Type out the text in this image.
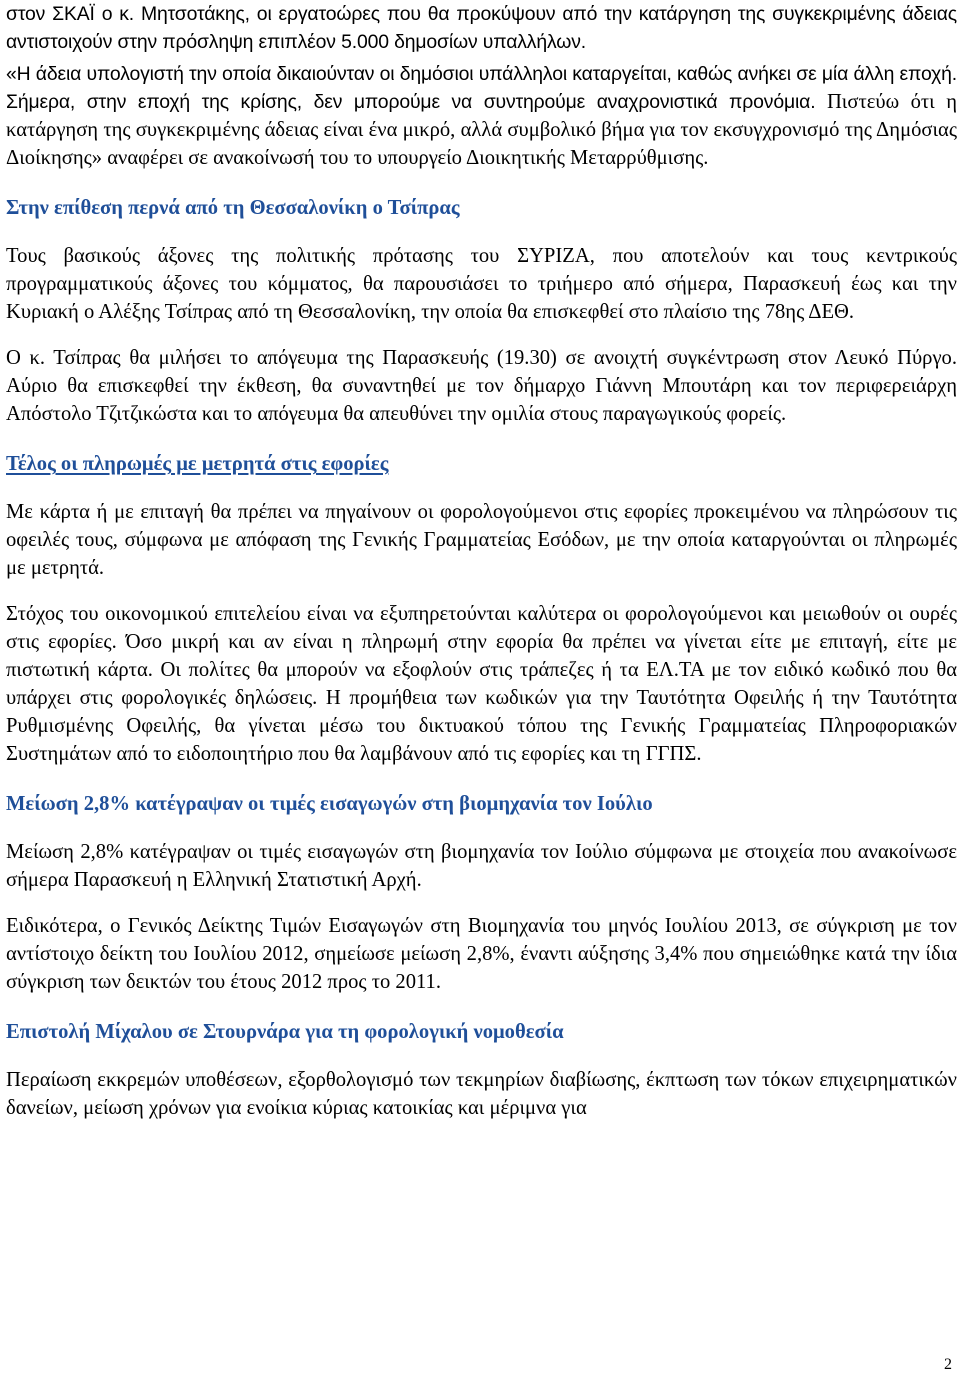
στον ΣΚΑΪ ο κ. Μητσοτάκης, οι εργατοώρες που θα προκύψουν από την κατάργηση της συγκεκριμένης άδειας αντιστοιχούν στην πρόσληψη επιπλέον 5.000 δημοσίων υπαλλήλων.

«Η άδεια υπολογιστή την οποία δικαιούνταν οι δημόσιοι υπάλληλοι καταργείται, καθώς ανήκει σε μία άλλη εποχή. Σήμερα, στην εποχή της κρίσης, δεν μπορούμε να συντηρούμε αναχρονιστικά προνόμια. Πιστεύω ότι η κατάργηση της συγκεκριμένης άδειας είναι ένα μικρό, αλλά συμβολικό βήμα για τον εκσυγχρονισμό της Δημόσιας Διοίκησης» αναφέρει σε ανακοίνωσή του το υπουργείο Διοικητικής Μεταρρύθμισης.

Στην επίθεση περνά από τη Θεσσαλονίκη ο Τσίπρας

Τους βασικούς άξονες της πολιτικής πρότασης του ΣΥΡΙΖΑ, που αποτελούν και τους κεντρικούς προγραμματικούς άξονες του κόμματος, θα παρουσιάσει το τριήμερο από σήμερα, Παρασκευή έως και την Κυριακή ο Αλέξης Τσίπρας από τη Θεσσαλονίκη, την οποία θα επισκεφθεί στο πλαίσιο της 78ης ΔΕΘ.

Ο κ. Τσίπρας θα μιλήσει το απόγευμα της Παρασκευής (19.30) σε ανοιχτή συγκέντρωση στον Λευκό Πύργο. Αύριο θα επισκεφθεί την έκθεση, θα συναντηθεί με τον δήμαρχο Γιάννη Μπουτάρη και τον περιφερειάρχη Απόστολο Τζιτζικώστα και το απόγευμα θα απευθύνει την ομιλία στους παραγωγικούς φορείς.

Τέλος οι πληρωμές με μετρητά στις εφορίες

Με κάρτα ή με επιταγή θα πρέπει να πηγαίνουν οι φορολογούμενοι στις εφορίες προκειμένου να πληρώσουν τις οφειλές τους, σύμφωνα με απόφαση της Γενικής Γραμματείας Εσόδων, με την οποία καταργούνται οι πληρωμές με μετρητά.

Στόχος του οικονομικού επιτελείου είναι να εξυπηρετούνται καλύτερα οι φορολογούμενοι και μειωθούν οι ουρές στις εφορίες. Όσο μικρή και αν είναι η πληρωμή στην εφορία θα πρέπει να γίνεται είτε με επιταγή, είτε με πιστωτική κάρτα. Οι πολίτες θα μπορούν να εξοφλούν στις τράπεζες ή τα ΕΛ.ΤΑ με τον ειδικό κωδικό που θα υπάρχει στις φορολογικές δηλώσεις. Η προμήθεια των κωδικών για την Ταυτότητα Οφειλής ή την Ταυτότητα Ρυθμισμένης Οφειλής, θα γίνεται μέσω του δικτυακού τόπου της Γενικής Γραμματείας Πληροφοριακών Συστημάτων από το ειδοποιητήριο που θα λαμβάνουν από τις εφορίες και τη ΓΓΠΣ.

Μείωση 2,8% κατέγραψαν οι τιμές εισαγωγών στη βιομηχανία τον Ιούλιο

Μείωση 2,8% κατέγραψαν οι τιμές εισαγωγών στη βιομηχανία τον Ιούλιο σύμφωνα με στοιχεία που ανακοίνωσε σήμερα Παρασκευή η Ελληνική Στατιστική Αρχή.

Ειδικότερα, ο Γενικός Δείκτης Τιμών Εισαγωγών στη Βιομηχανία του μηνός Ιουλίου 2013, σε σύγκριση με τον αντίστοιχο δείκτη του Ιουλίου 2012, σημείωσε μείωση 2,8%, έναντι αύξησης 3,4% που σημειώθηκε κατά την ίδια σύγκριση των δεικτών του έτους 2012 προς το 2011.

Επιστολή Μίχαλου σε Στουρνάρα για τη φορολογική νομοθεσία

Περαίωση εκκρεμών υποθέσεων, εξορθολογισμό των τεκμηρίων διαβίωσης, έκπτωση των τόκων επιχειρηματικών δανείων, μείωση χρόνων για ενοίκια κύριας κατοικίας και μέριμνα για

2
